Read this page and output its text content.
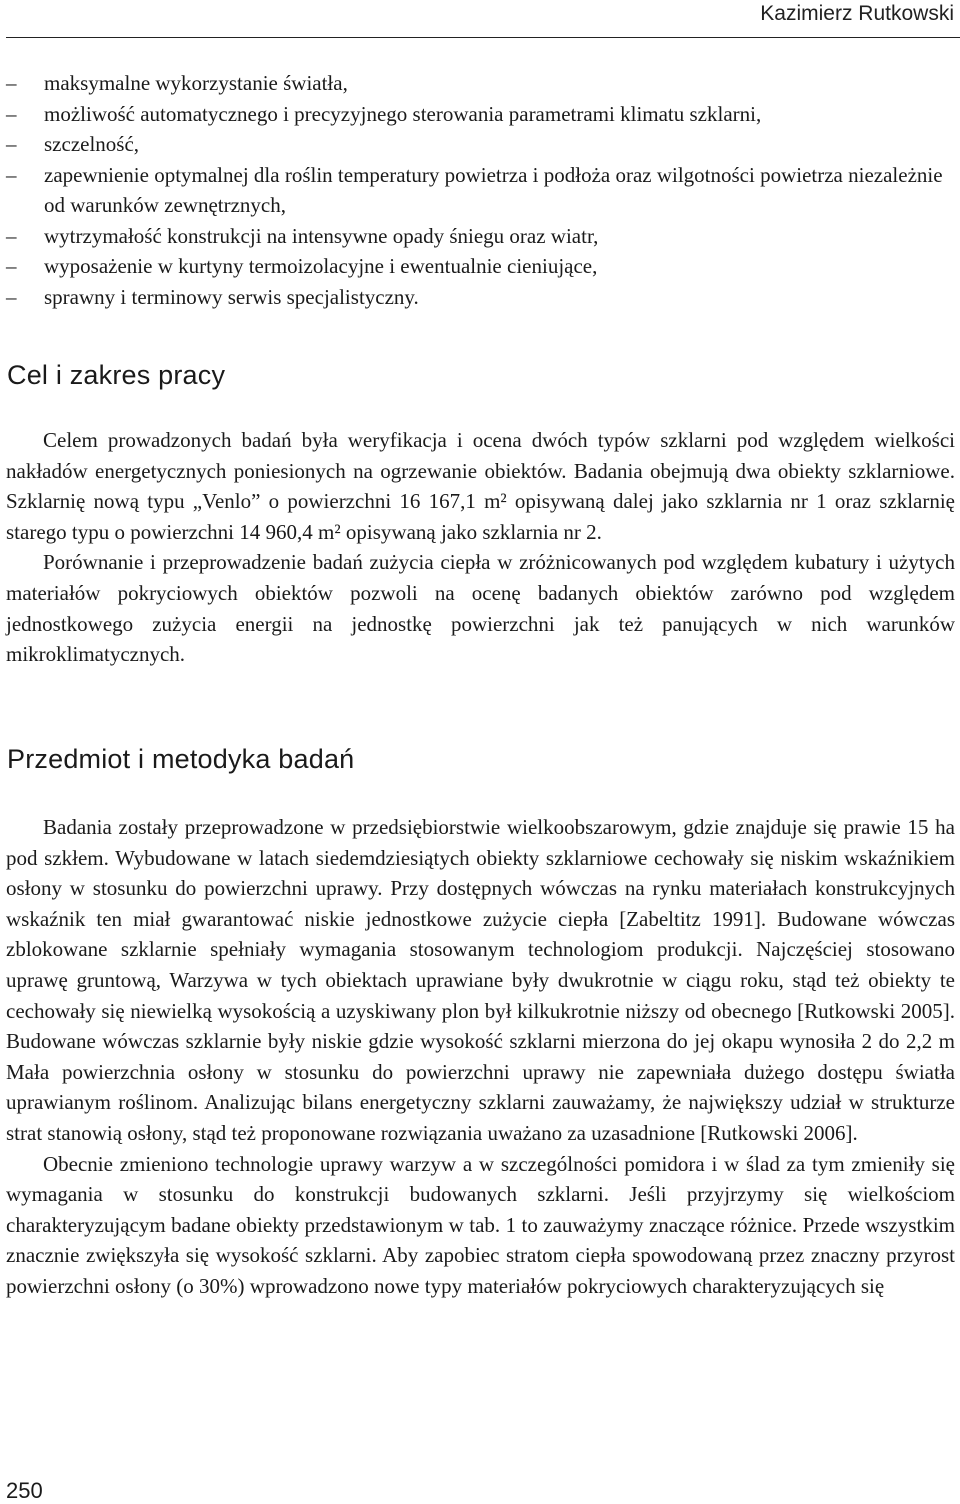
Kazimierz Rutkowski
– maksymalne wykorzystanie światła,
– możliwość automatycznego i precyzyjnego sterowania parametrami klimatu szklarni,
– szczelność,
– zapewnienie optymalnej dla roślin temperatury powietrza i podłoża oraz wilgotności powietrza niezależnie od warunków zewnętrznych,
– wytrzymałość konstrukcji na intensywne opady śniegu oraz wiatr,
– wyposażenie w kurtyny termoizolacyjne i ewentualnie cieniujące,
– sprawny i terminowy serwis specjalistyczny.
Cel i zakres pracy

Celem prowadzonych badań była weryfikacja i ocena dwóch typów szklarni pod względem wielkości nakładów energetycznych poniesionych na ogrzewanie obiektów. Badania obejmują dwa obiekty szklarniowe. Szklarnię nową typu „Venlo” o powierzchni 16 167,1 m² opisywaną dalej jako szklarnia nr 1 oraz szklarnię starego typu o powierzchni 14 960,4 m² opisywaną jako szklarnia nr 2.

Porównanie i przeprowadzenie badań zużycia ciepła w zróżnicowanych pod względem kubatury i użytych materiałów pokryciowych obiektów pozwoli na ocenę badanych obiektów zarówno pod względem jednostkowego zużycia energii na jednostkę powierzchni jak też panujących w nich warunków mikroklimatycznych.

Przedmiot i metodyka badań

Badania zostały przeprowadzone w przedsiębiorstwie wielkoobszarowym, gdzie znajduje się prawie 15 ha pod szkłem. Wybudowane w latach siedemdziesiątych obiekty szklarniowe cechowały się niskim wskaźnikiem osłony w stosunku do powierzchni uprawy. Przy dostępnych wówczas na rynku materiałach konstrukcyjnych wskaźnik ten miał gwarantować niskie jednostkowe zużycie ciepła [Zabeltitz 1991]. Budowane wówczas zblokowane szklarnie spełniały wymagania stosowanym technologiom produkcji. Najczęściej stosowano uprawę gruntową, Warzywa w tych obiektach uprawiane były dwukrotnie w ciągu roku, stąd też obiekty te cechowały się niewielką wysokością a uzyskiwany plon był kilkukrotnie niższy od obecnego [Rutkowski 2005]. Budowane wówczas szklarnie były niskie gdzie wysokość szklarni mierzona do jej okapu wynosiła 2 do 2,2 m Mała powierzchnia osłony w stosunku do powierzchni uprawy nie zapewniała dużego dostępu światła uprawianym roślinom. Analizując bilans energetyczny szklarni zauważamy, że największy udział w strukturze strat stanowią osłony, stąd też proponowane rozwiązania uważano za uzasadnione [Rutkowski 2006].

Obecnie zmieniono technologie uprawy warzyw a w szczególności pomidora i w ślad za tym zmieniły się wymagania w stosunku do konstrukcji budowanych szklarni. Jeśli przyjrzymy się wielkościom charakteryzującym badane obiekty przedstawionym w tab. 1 to zauważymy znaczące różnice. Przede wszystkim znacznie zwiększyła się wysokość szklarni. Aby zapobiec stratom ciepła spowodowaną przez znaczny przyrost powierzchni osłony (o 30%) wprowadzono nowe typy materiałów pokryciowych charakteryzujących się

250
